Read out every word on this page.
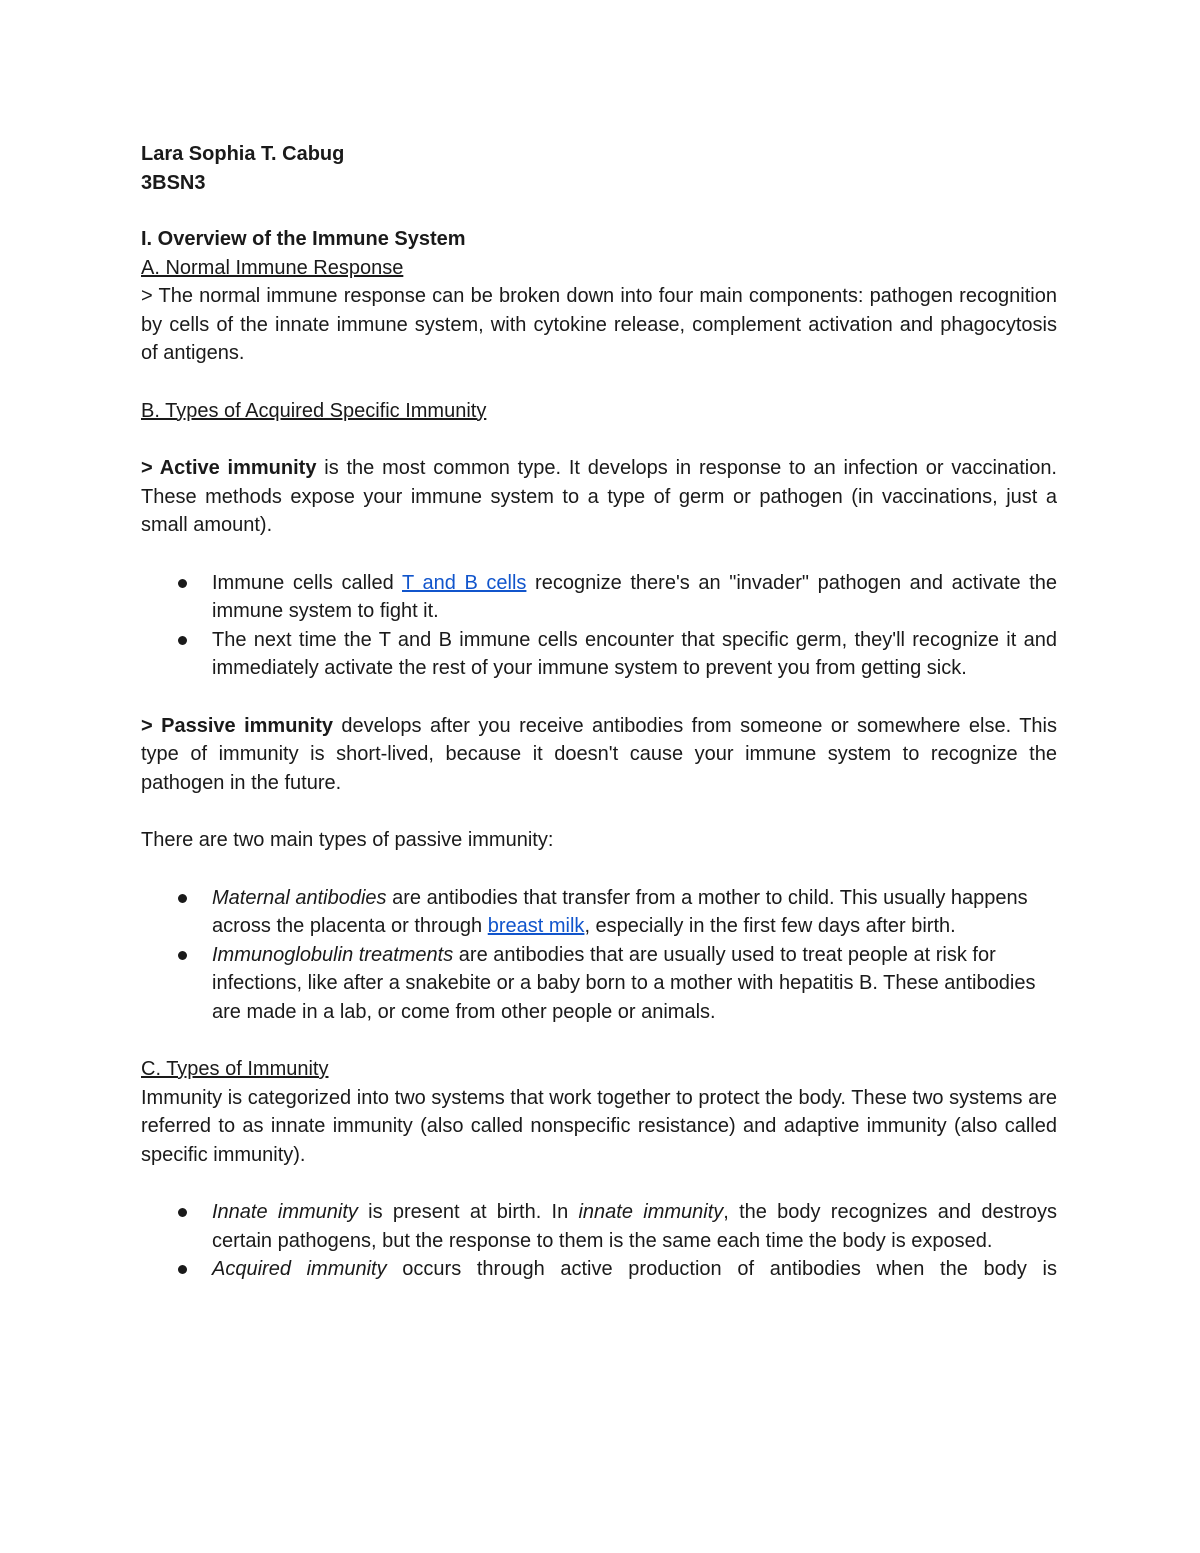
Lara Sophia T. Cabug

3BSN3

I. Overview of the Immune System

A. Normal Immune Response

> The normal immune response can be broken down into four main components: pathogen recognition by cells of the innate immune system, with cytokine release, complement activation and phagocytosis of antigens.

B. Types of Acquired Specific Immunity

> Active immunity is the most common type. It develops in response to an infection or vaccination. These methods expose your immune system to a type of germ or pathogen (in vaccinations, just a small amount).

Immune cells called T and B cells recognize there's an "invader" pathogen and activate the immune system to fight it.
The next time the T and B immune cells encounter that specific germ, they'll recognize it and immediately activate the rest of your immune system to prevent you from getting sick.

> Passive immunity develops after you receive antibodies from someone or somewhere else. This type of immunity is short-lived, because it doesn't cause your immune system to recognize the pathogen in the future.

There are two main types of passive immunity:

Maternal antibodies are antibodies that transfer from a mother to child. This usually happens across the placenta or through breast milk, especially in the first few days after birth.
Immunoglobulin treatments are antibodies that are usually used to treat people at risk for infections, like after a snakebite or a baby born to a mother with hepatitis B. These antibodies are made in a lab, or come from other people or animals.

C. Types of Immunity

Immunity is categorized into two systems that work together to protect the body. These two systems are referred to as innate immunity (also called nonspecific resistance) and adaptive immunity (also called specific immunity).

Innate immunity is present at birth. In innate immunity, the body recognizes and destroys certain pathogens, but the response to them is the same each time the body is exposed.
Acquired immunity occurs through active production of antibodies when the body is
